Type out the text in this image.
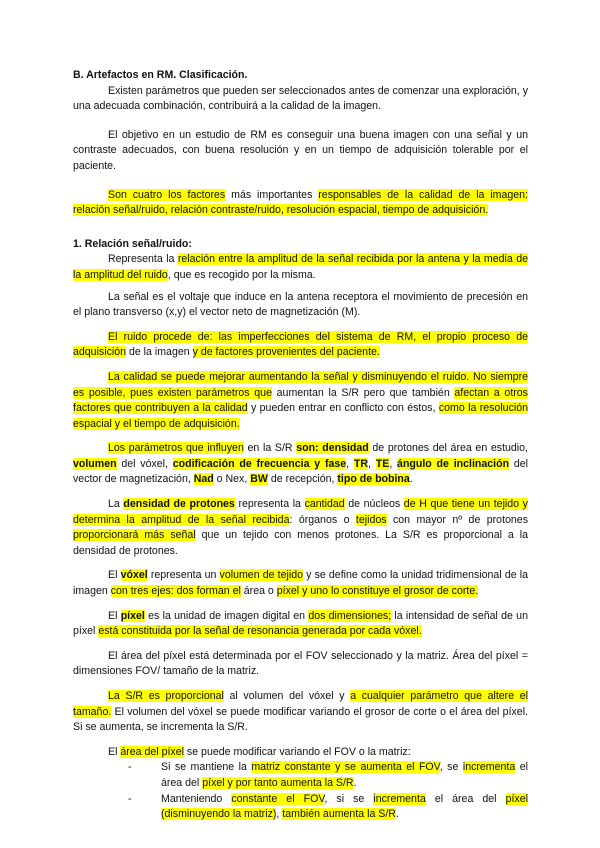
B. Artefactos en RM. Clasificación.

Existen parámetros que pueden ser seleccionados antes de comenzar una exploración, y una adecuada combinación, contribuirá a la calidad de la imagen.

El objetivo en un estudio de RM es conseguir una buena imagen con una señal y un contraste adecuados, con buena resolución y en un tiempo de adquisición tolerable por el paciente.

Son cuatro los factores más importantes responsables de la calidad de la imagen: relación señal/ruido, relación contraste/ruido, resolución espacial, tiempo de adquisición.

1. Relación señal/ruido:

Representa la relación entre la amplitud de la señal recibida por la antena y la media de la amplitud del ruido, que es recogido por la misma.

La señal es el voltaje que induce en la antena receptora el movimiento de precesión en el plano transverso (x,y) el vector neto de magnetización (M).

El ruido procede de: las imperfecciones del sistema de RM, el propio proceso de adquisición de la imagen y de factores provenientes del paciente.

La calidad se puede mejorar aumentando la señal y disminuyendo el ruido. No siempre es posible, pues existen parámetros que aumentan la S/R pero que también afectan a otros factores que contribuyen a la calidad y pueden entrar en conflicto con éstos, como la resolución espacial y el tiempo de adquisición.

Los parámetros que influyen en la S/R son: densidad de protones del área en estudio, volumen del vóxel, codificación de frecuencia y fase, TR, TE, ángulo de inclinación del vector de magnetización, Nad o Nex, BW de recepción, tipo de bobina.

La densidad de protones representa la cantidad de núcleos de H que tiene un tejido y determina la amplitud de la señal recibida: órganos o tejidos con mayor nº de protones proporcionará más señal que un tejido con menos protones. La S/R es proporcional a la densidad de protones.

El vóxel representa un volumen de tejido y se define como la unidad tridimensional de la imagen con tres ejes: dos forman el área o píxel y uno lo constituye el grosor de corte.

El píxel es la unidad de imagen digital en dos dimensiones; la intensidad de señal de un píxel está constituida por la señal de resonancia generada por cada vóxel.

El área del píxel está determinada por el FOV seleccionado y la matriz. Área del píxel = dimensiones FOV/ tamaño de la matriz.

La S/R es proporcional al volumen del vóxel y a cualquier parámetro que altere el tamaño. El volumen del vóxel se puede modificar variando el grosor de corte o el área del píxel. Si se aumenta, se incrementa la S/R.

El área del píxel se puede modificar variando el FOV o la matriz:

-	Si se mantiene la matriz constante y se aumenta el FOV, se incrementa el área del píxel y por tanto aumenta la S/R.
-	Manteniendo constante el FOV, si se incrementa el área del píxel (disminuyendo la matriz), también aumenta la S/R.
